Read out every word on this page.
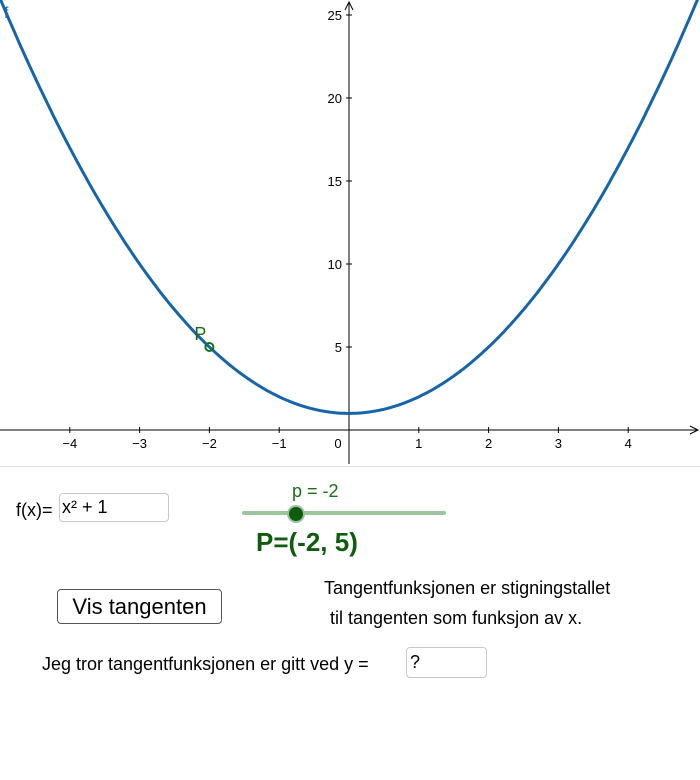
−4	−3	−2	−1	0	1	2	3	4
5
10
15
20
25
f
P
f(x)= x² + 1
p = -2
P=(-2, 5)
Vis tangenten
Tangentfunksjonen er stigningstallet
til tangenten som funksjon av x.
Jeg tror tangentfunksjonen er gitt ved y = ?
